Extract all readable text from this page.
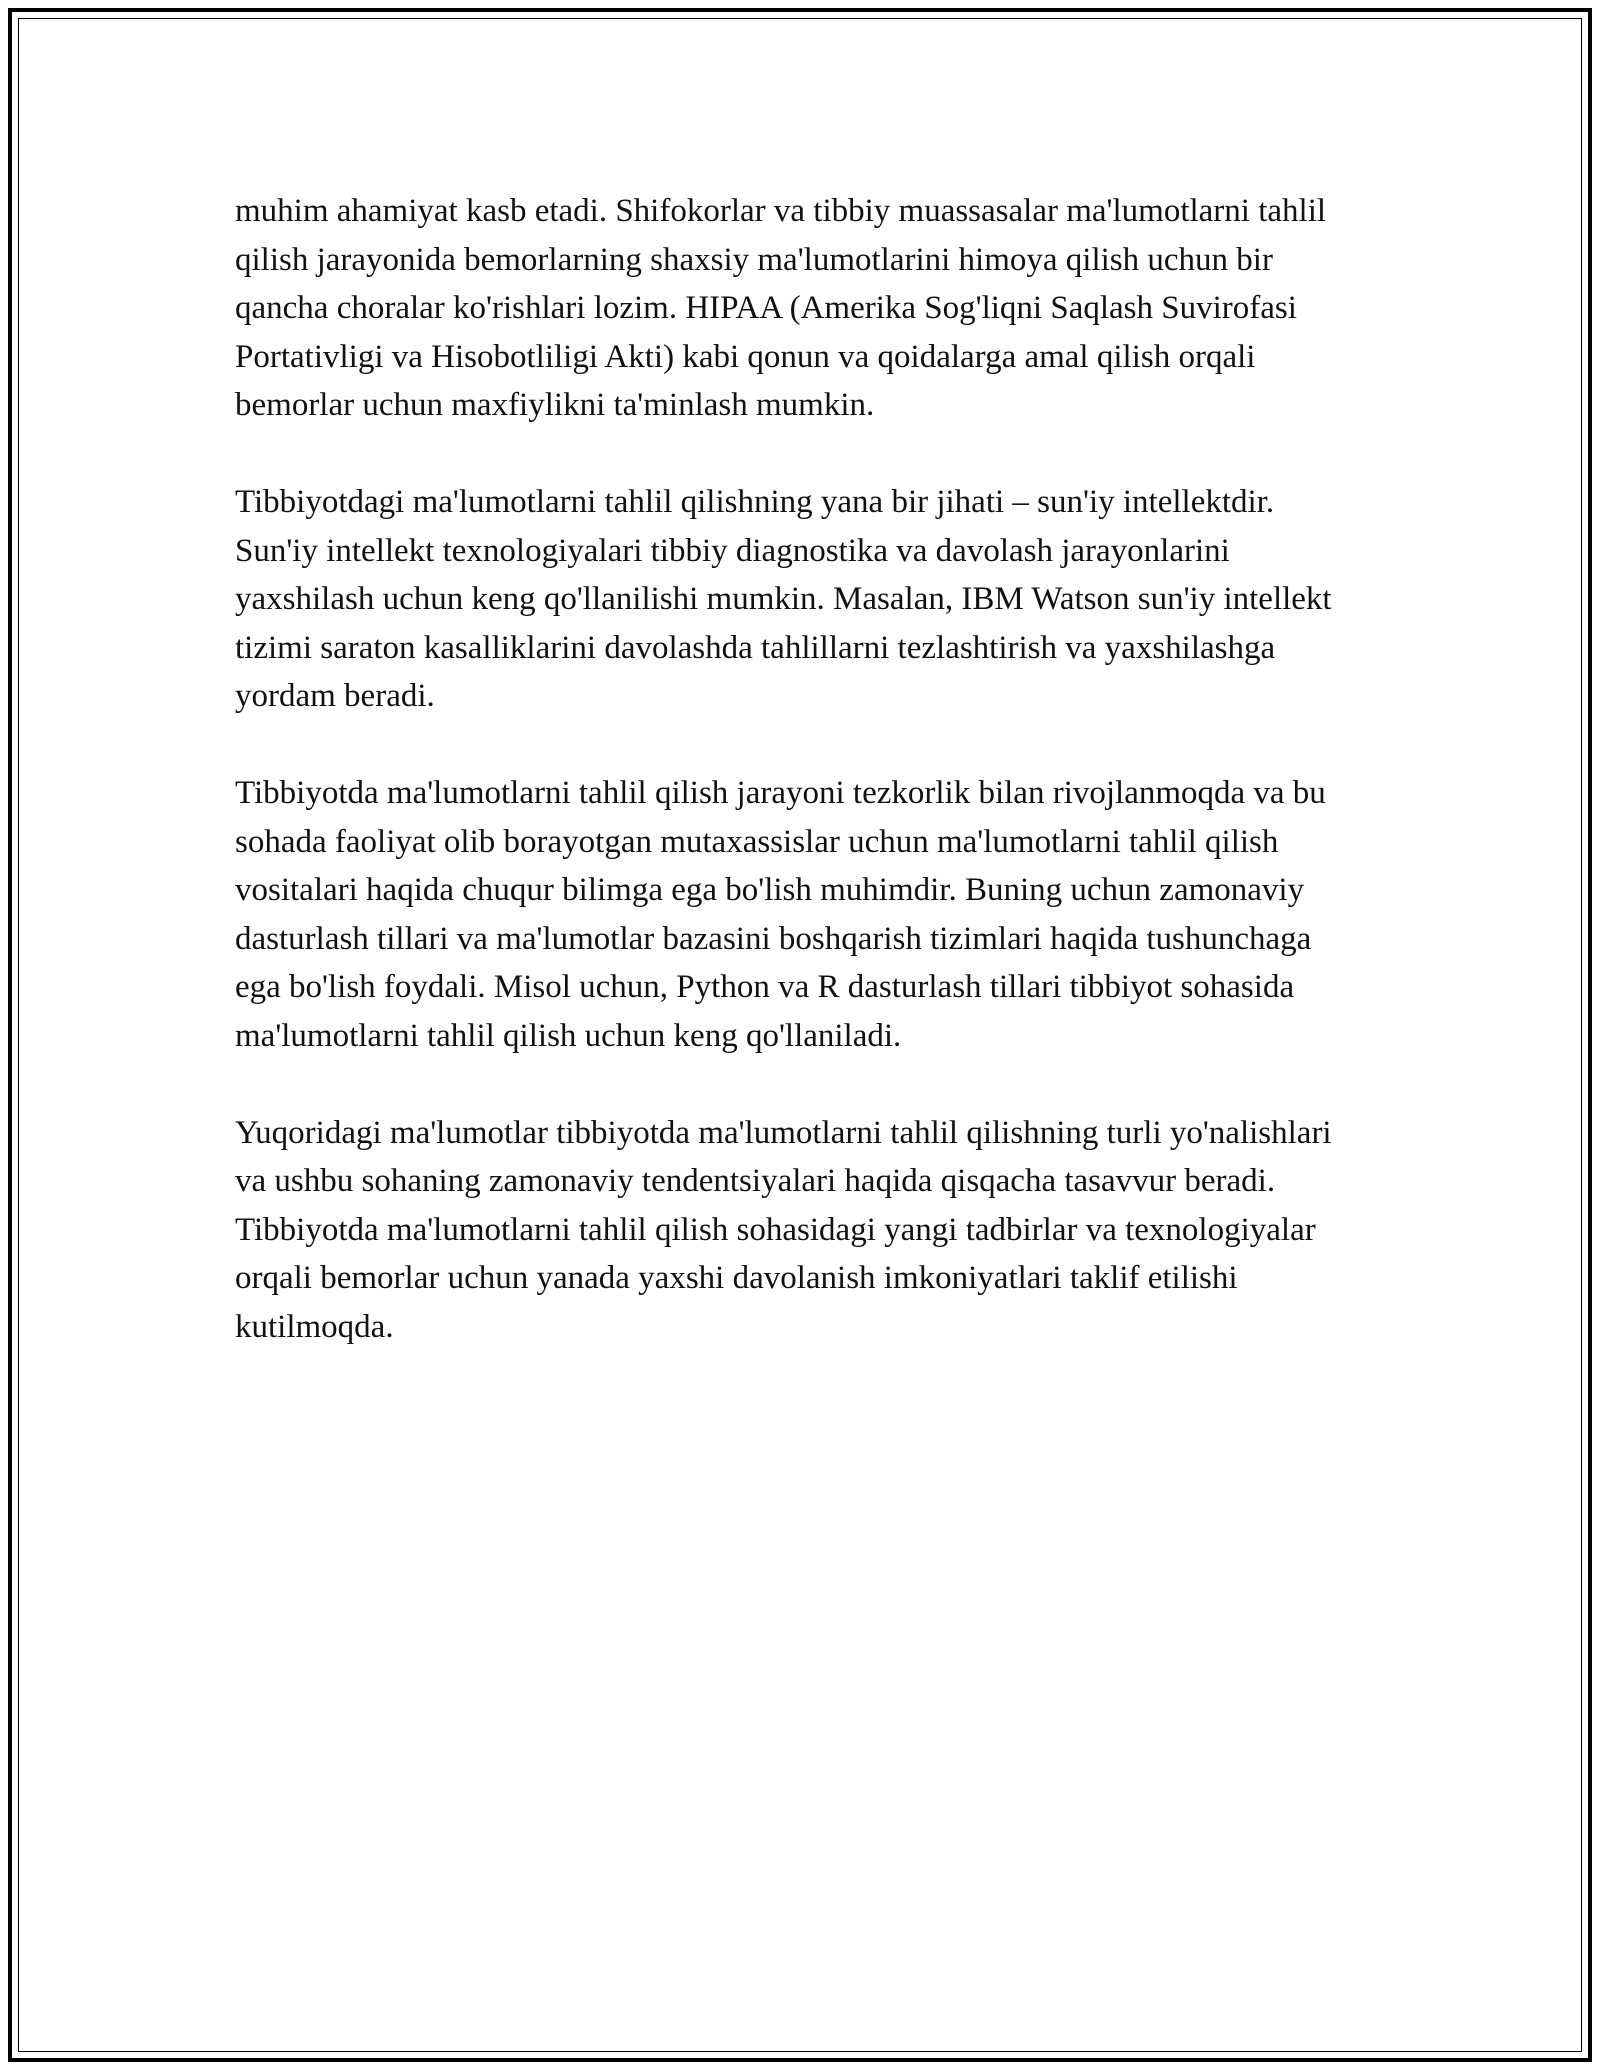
muhim ahamiyat kasb etadi. Shifokorlar va tibbiy muassasalar ma'lumotlarni tahlil qilish jarayonida bemorlarning shaxsiy ma'lumotlarini himoya qilish uchun bir qancha choralar ko'rishlari lozim. HIPAA (Amerika Sog'liqni Saqlash Suvirofasi Portativligi va Hisobotliligi Akti) kabi qonun va qoidalarga amal qilish orqali bemorlar uchun maxfiylikni ta'minlash mumkin.

Tibbiyotdagi ma'lumotlarni tahlil qilishning yana bir jihati – sun'iy intellektdir. Sun'iy intellekt texnologiyalari tibbiy diagnostika va davolash jarayonlarini yaxshilash uchun keng qo'llanilishi mumkin. Masalan, IBM Watson sun'iy intellekt tizimi saraton kasalliklarini davolashda tahlillarni tezlashtirish va yaxshilashga yordam beradi.

Tibbiyotda ma'lumotlarni tahlil qilish jarayoni tezkorlik bilan rivojlanmoqda va bu sohada faoliyat olib borayotgan mutaxassislar uchun ma'lumotlarni tahlil qilish vositalari haqida chuqur bilimga ega bo'lish muhimdir. Buning uchun zamonaviy dasturlash tillari va ma'lumotlar bazasini boshqarish tizimlari haqida tushunchaga ega bo'lish foydali. Misol uchun, Python va R dasturlash tillari tibbiyot sohasida ma'lumotlarni tahlil qilish uchun keng qo'llaniladi.

Yuqoridagi ma'lumotlar tibbiyotda ma'lumotlarni tahlil qilishning turli yo'nalishlari va ushbu sohaning zamonaviy tendentsiyalari haqida qisqacha tasavvur beradi. Tibbiyotda ma'lumotlarni tahlil qilish sohasidagi yangi tadbirlar va texnologiyalar orqali bemorlar uchun yanada yaxshi davolanish imkoniyatlari taklif etilishi kutilmoqda.
